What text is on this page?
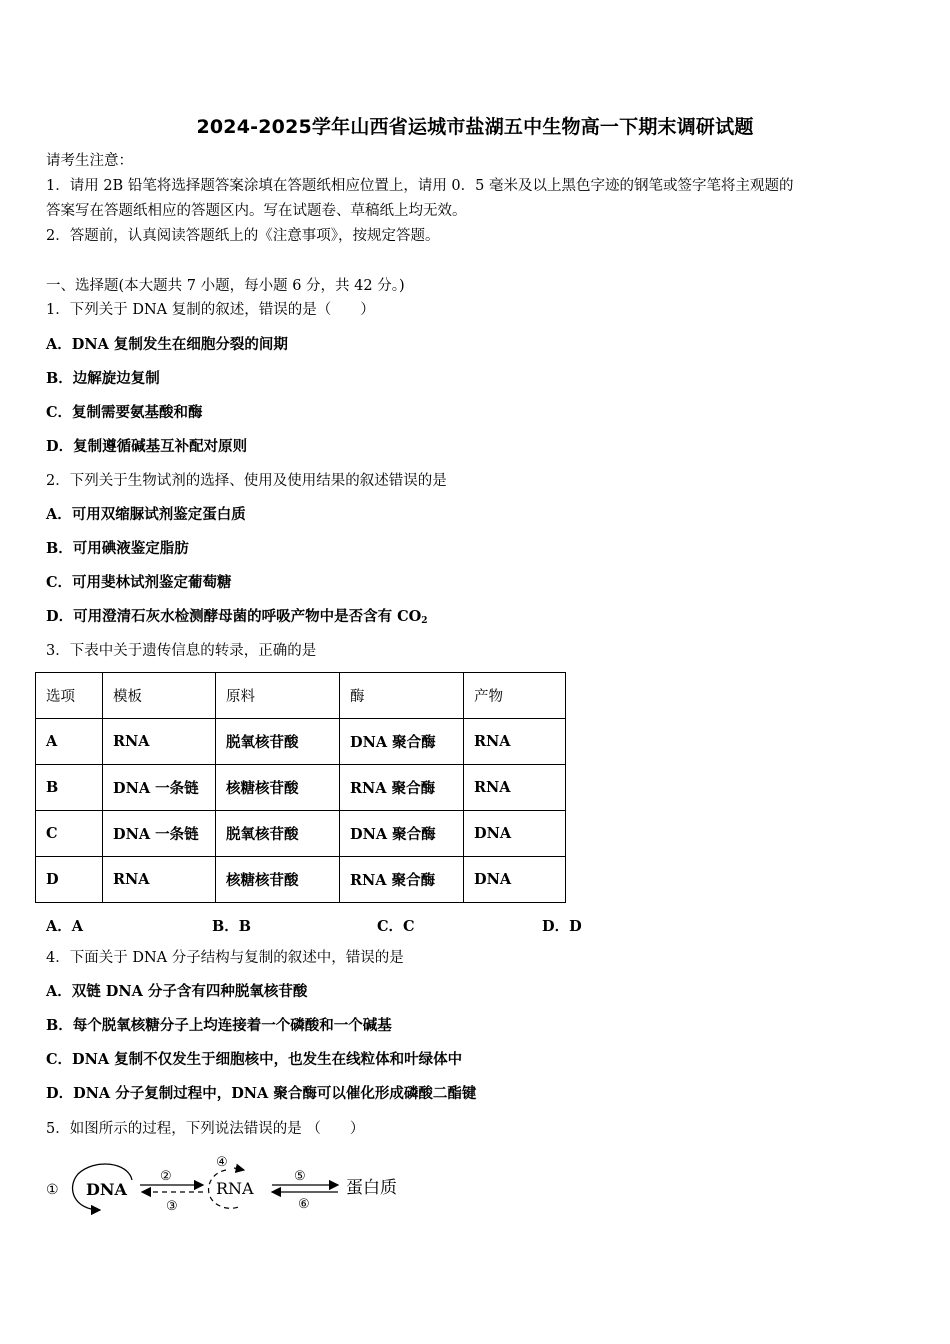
2024-2025学年山西省运城市盐湖五中生物高一下期末调研试题
请考生注意：
1．请用 2B 铅笔将选择题答案涂填在答题纸相应位置上，请用 0．5 毫米及以上黑色字迹的钢笔或签字笔将主观题的
答案写在答题纸相应的答题区内。写在试题卷、草稿纸上均无效。
2．答题前，认真阅读答题纸上的《注意事项》，按规定答题。
一、选择题(本大题共 7 小题，每小题 6 分，共 42 分。)
1．下列关于 DNA 复制的叙述，错误的是（　　）
A．DNA 复制发生在细胞分裂的间期
B．边解旋边复制
C．复制需要氨基酸和酶
D．复制遵循碱基互补配对原则
2．下列关于生物试剂的选择、使用及使用结果的叙述错误的是
A．可用双缩脲试剂鉴定蛋白质
B．可用碘液鉴定脂肪
C．可用斐林试剂鉴定葡萄糖
D．可用澄清石灰水检测酵母菌的呼吸产物中是否含有 $CO_2$
3．下表中关于遗传信息的转录，正确的是
选项	模板	原料	酶	产物
A	RNA	脱氧核苷酸	DNA 聚合酶	RNA
B	DNA 一条链	核糖核苷酸	RNA 聚合酶	RNA
C	DNA 一条链	脱氧核苷酸	DNA 聚合酶	DNA
D	RNA	核糖核苷酸	RNA 聚合酶	DNA
A．A	B．B	C．C	D．D
4．下面关于 DNA 分子结构与复制的叙述中，错误的是
A．双链 DNA 分子含有四种脱氧核苷酸
B．每个脱氧核糖分子上均连接着一个磷酸和一个碱基
C．DNA 复制不仅发生于细胞核中，也发生在线粒体和叶绿体中
D．DNA 分子复制过程中，DNA 聚合酶可以催化形成磷酸二酯键
5．如图所示的过程，下列说法错误的是 （　　）
① DNA
②
③
④
RNA
⑤
⑥
蛋白质
